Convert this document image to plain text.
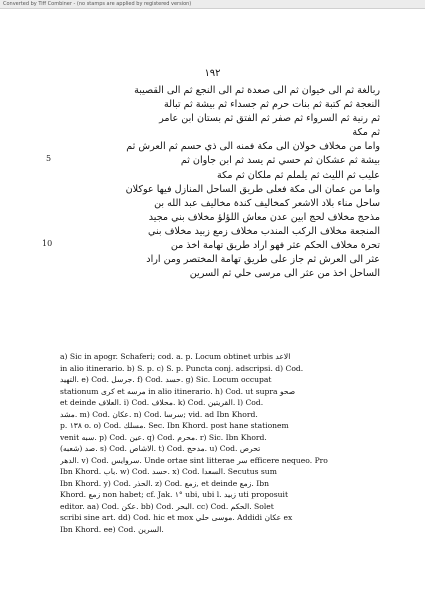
Converted by Tiff Combiner - (no stamps are applied by registered version)
١٩٢
5
10
ربالغة ثم الى خيوان ثم الى صعدة ثم الى النجع ثم الى القصيبة
النعجة ثم كتبة ثم بنات حرم ثم جسداء ثم بيشة ثم تبالة
ثم رنية ثم السرواء ثم صفر ثم الفتق ثم بستان ابن عامر
ثم مكة
واما من مخلاف خولان الى مكة فمنه الى ذي حسم ثم العرش ثم
بيشة ثم عشكان ثم حسي ثم يسد ثم ابن جاوان ثم
عليب ثم الليث ثم يلملم ثم ملكان ثم مكة
واما من عمان الى مكة فعلى طريق الساحل المنازل فيها عوكلان
ساحل مناء بلاد الاشعر كمخاليف كندة مخاليف عبد الله بن
مذحج مخلاف لحج ابين عدن معاش اللؤلؤ مخلاف بني مجيد
المنجعة مخلاف الركب المندب مخلاف زمع زبيد مخلاف بني
تحرة مخلاف الحكم عثر فهو اراد طريق تهامة اخذ من
عثر الى العرش ثم جاز على طريق تهامة المختصر ومن اراد
الساحل اخذ من عثر الى مرسى حلي ثم السرين
a) Sic in apogr. Schaferi; cod. a. p. Locum obtinet urbis الاعد
in alio itinerario. b) S. p. c) S. p. Puncta conj. adscripsi. d) Cod.
التهيد. e) Cod. جرسل. f) Cod. حسد. g) Sic. Locum occupat
stationum كرى et مرسه in alio itinerario. h) Cod. ut supra صحو
et deinde العلاف. i) Cod. محلاف. k) Cod. القريتين. l) Cod.
مشد. m) Cod. عكان. n) Cod. سرسا; vid. ad Ibn Khord.
p. ۱۳۸ o. o) Cod. مسلك. Sec. Ibn Khord. post hane stationem
venit سبه. p) Cod. عين. q) Cod. محرم. r) Sic. Ibn Khord.
(شعبه) صد. s) Cod. الاشاص. t) Cod. مدحج. u) Cod. تحرص
الدهر. v) Cod. سروايس. Unde ortae sint litterae سر efficere nequeo. Pro
Ibn Khord. باب. w) Cod. حسد. x) Cod. السعدا. Secutus sum
Ibn Khord. y) Cod. الحذر. z) Cod. زمع, et deinde زمع. Ibn
Khord. زمع non habet; cf. Jak. ۱° ubi, ubi l. زبيد uti proposuit
editor. aa) Cod. عكن. bb) Cod. البحر. cc) Cod. الحكم. Solet
scribi sine art. dd) Cod. hic et mox موسى حلي. Addidi عكان ex
Ibn Khord. ee) Cod. السرين.
